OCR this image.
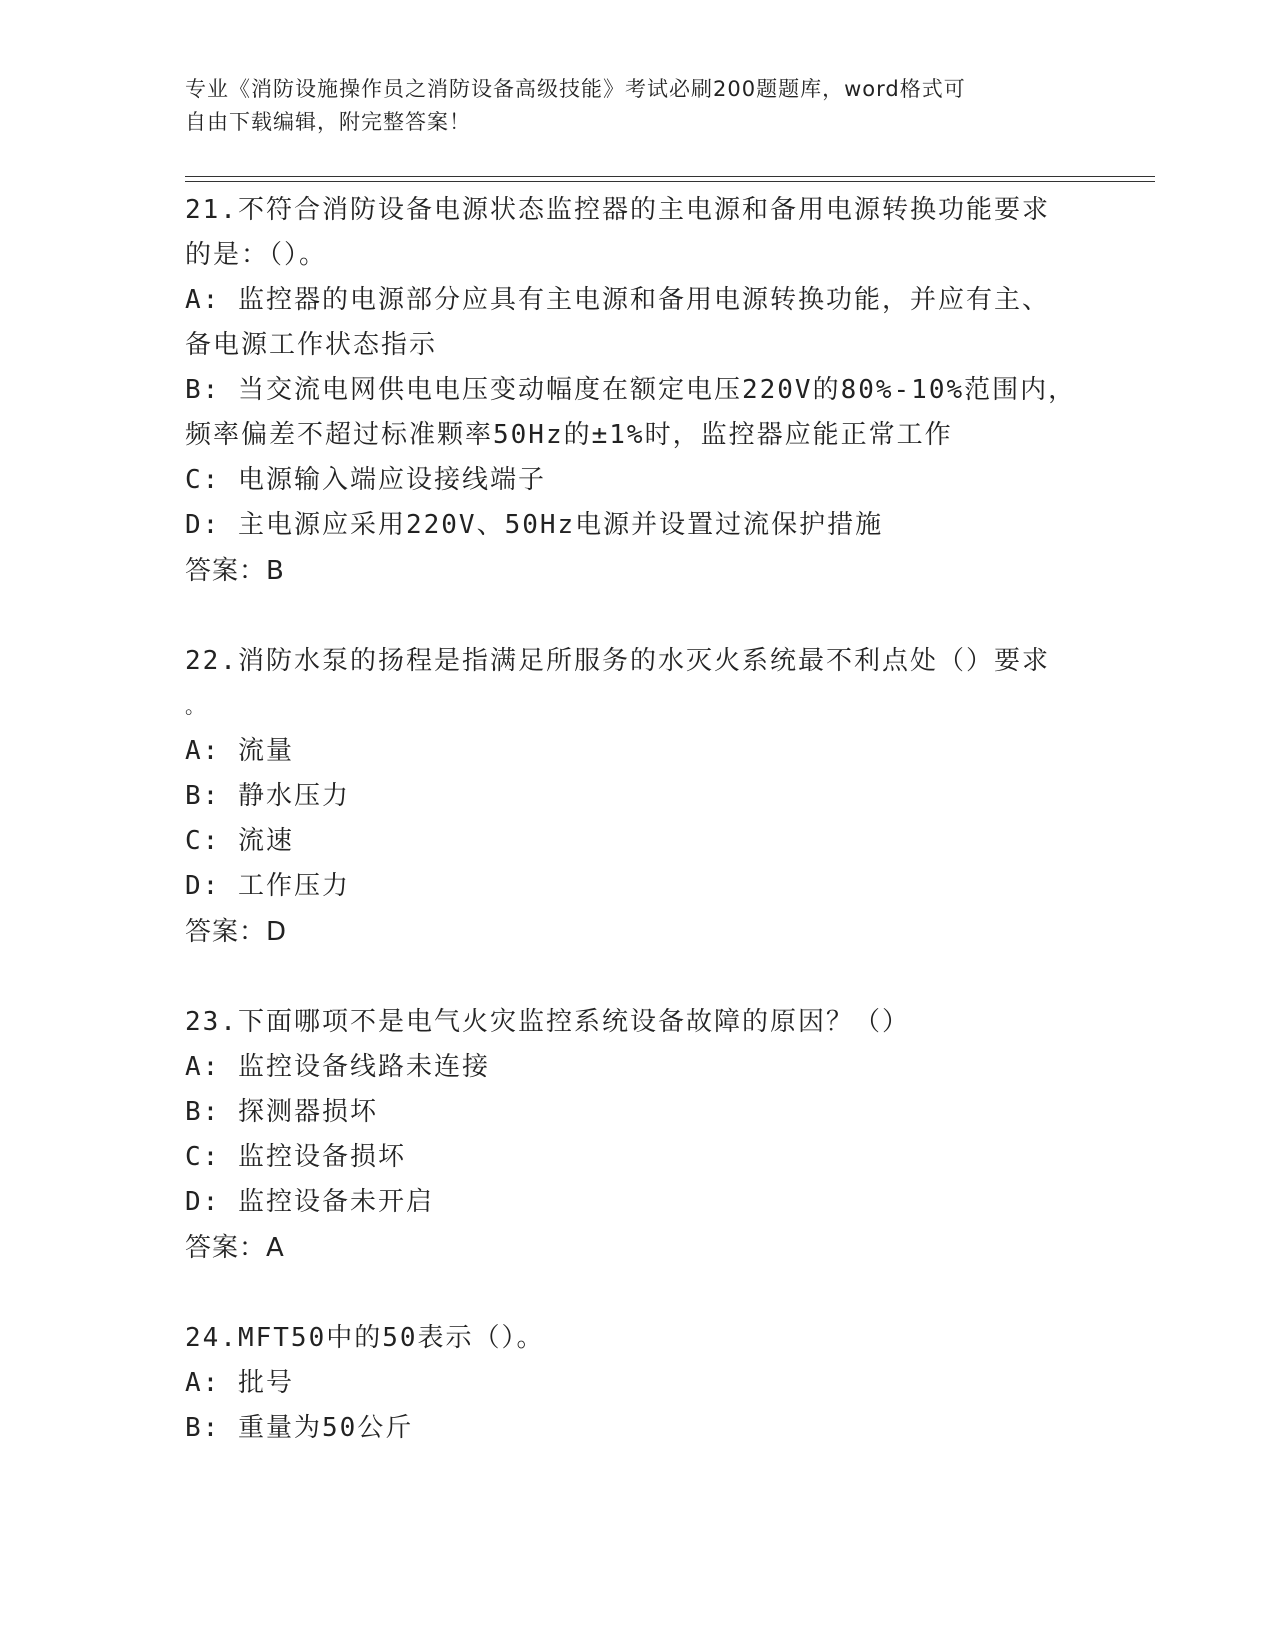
专业《消防设施操作员之消防设备高级技能》考试必刷200题题库，word格式可
自由下载编辑，附完整答案！
21.不符合消防设备电源状态监控器的主电源和备用电源转换功能要求
的是：（）。
A: 监控器的电源部分应具有主电源和备用电源转换功能，并应有主、
备电源工作状态指示
B: 当交流电网供电电压变动幅度在额定电压220V的80%-10%范围内，
频率偏差不超过标准颗率50Hz的±1%时，监控器应能正常工作
C: 电源输入端应设接线端子
D: 主电源应采用220V、50Hz电源并设置过流保护措施
答案：B
22.消防水泵的扬程是指满足所服务的水灭火系统最不利点处（）要求
。
A: 流量
B: 静水压力
C: 流速
D: 工作压力
答案：D
23.下面哪项不是电气火灾监控系统设备故障的原因？（）
A: 监控设备线路未连接
B: 探测器损坏
C: 监控设备损坏
D: 监控设备未开启
答案：A
24.MFT50中的50表示（）。
A: 批号
B: 重量为50公斤
